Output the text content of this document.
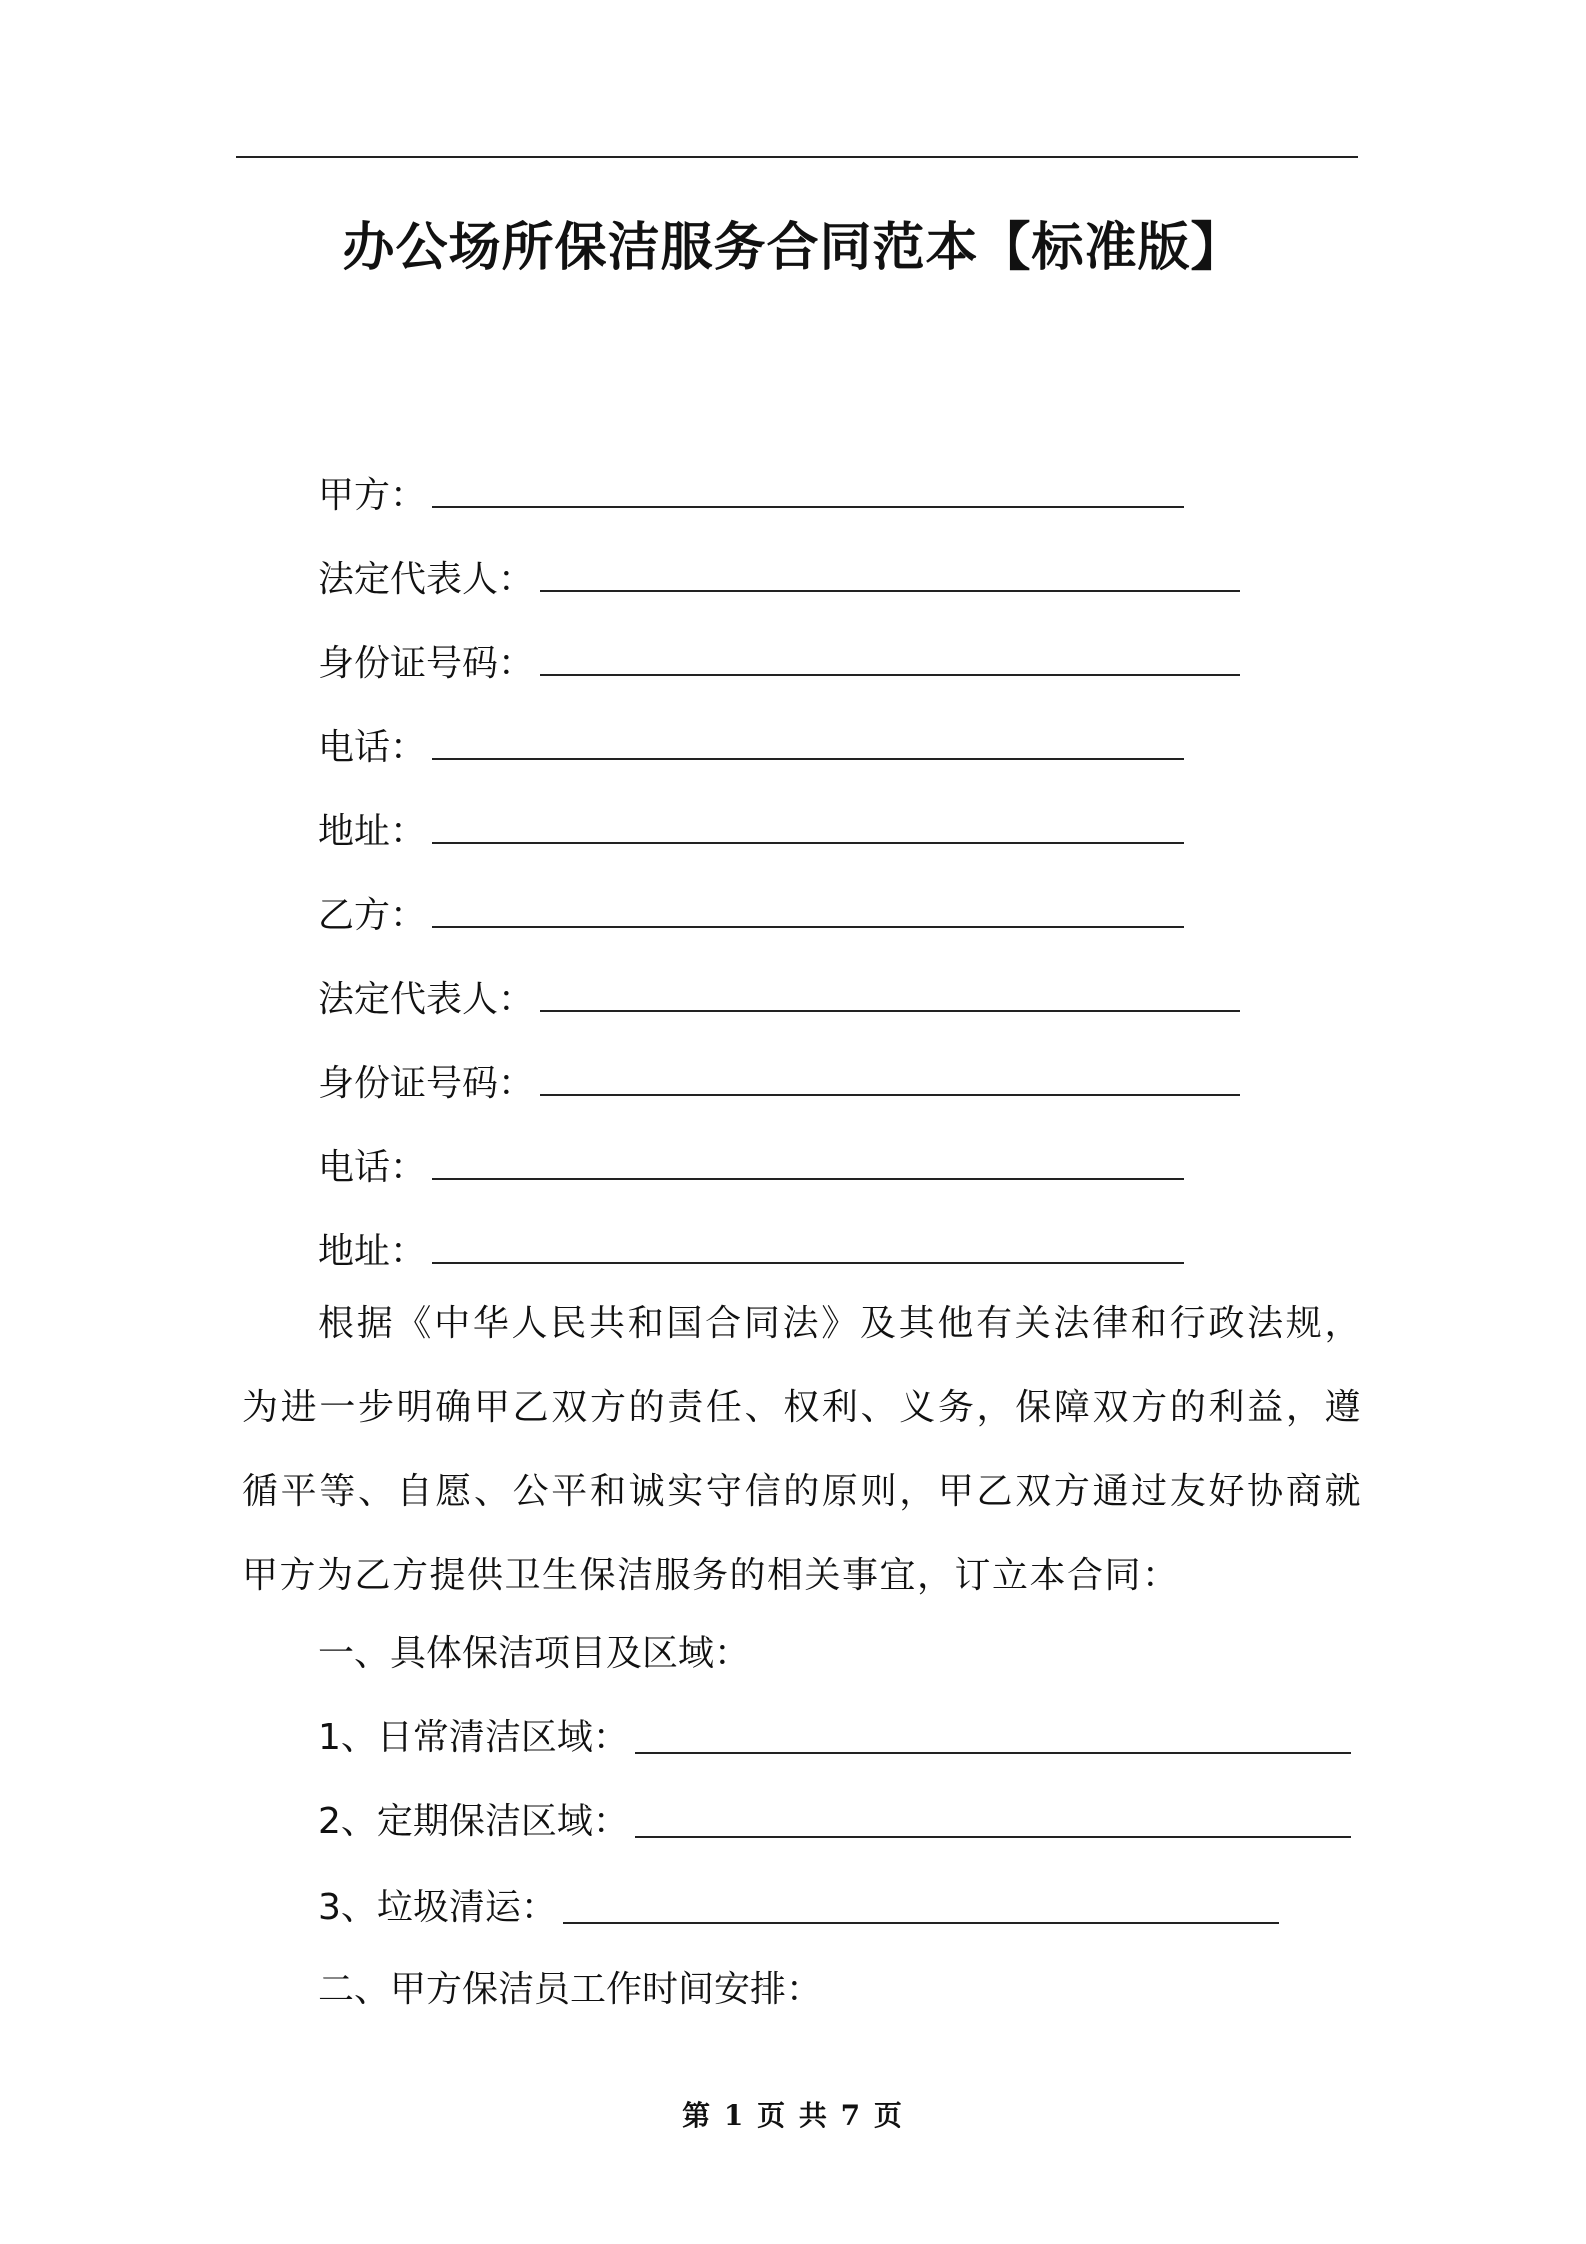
办公场所保洁服务合同范本【标准版】
甲方：
法定代表人：
身份证号码：
电话：
地址：
乙方：
法定代表人：
身份证号码：
电话：
地址：
根据《中华人民共和国合同法》及其他有关法律和行政法规，为进一步明确甲乙双方的责任、权利、义务，保障双方的利益，遵循平等、自愿、公平和诚实守信的原则，甲乙双方通过友好协商就甲方为乙方提供卫生保洁服务的相关事宜，订立本合同：
一、具体保洁项目及区域：
1、日常清洁区域：
2、定期保洁区域：
3、垃圾清运：
二、甲方保洁员工作时间安排：
第 1 页 共 7 页
